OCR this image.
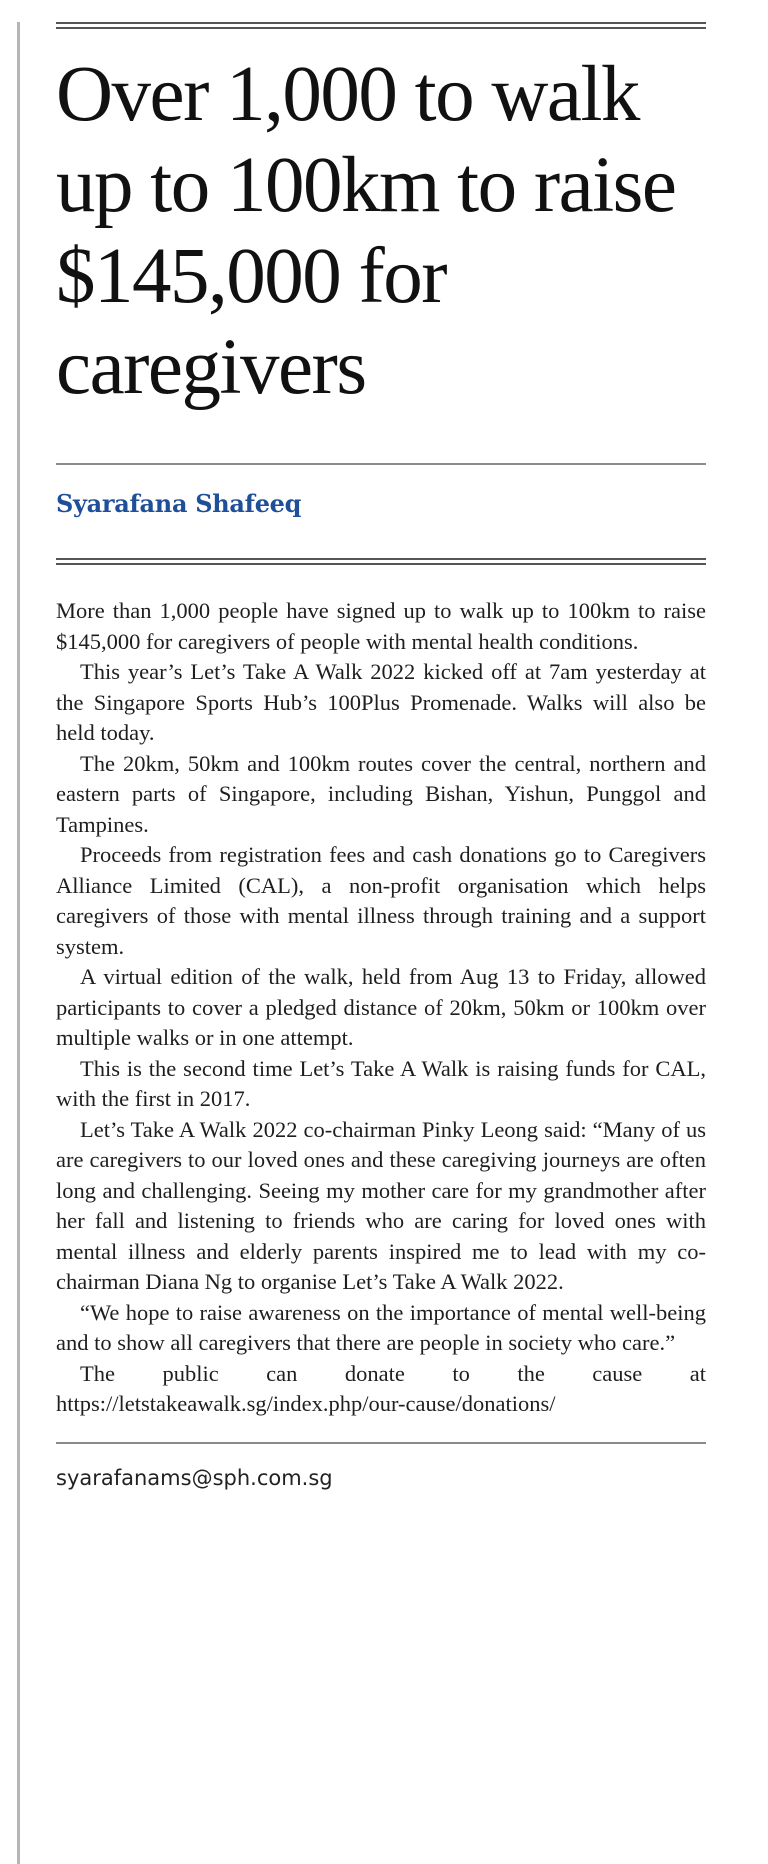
Over 1,000 to walk up to 100km to raise $145,000 for caregivers
Syarafana Shafeeq

More than 1,000 people have signed up to walk up to 100km to raise $145,000 for caregivers of people with mental health conditions.

This year’s Let’s Take A Walk 2022 kicked off at 7am yesterday at the Singapore Sports Hub’s 100Plus Promenade. Walks will also be held today.

The 20km, 50km and 100km routes cover the central, northern and eastern parts of Singapore, including Bishan, Yishun, Punggol and Tampines.

Proceeds from registration fees and cash donations go to Caregivers Alliance Limited (CAL), a non-profit organisation which helps caregivers of those with mental illness through training and a support system.

A virtual edition of the walk, held from Aug 13 to Friday, allowed participants to cover a pledged distance of 20km, 50km or 100km over multiple walks or in one attempt.

This is the second time Let’s Take A Walk is raising funds for CAL, with the first in 2017.

Let’s Take A Walk 2022 co-chairman Pinky Leong said: “Many of us are caregivers to our loved ones and these caregiving journeys are often long and challenging. Seeing my mother care for my grandmother after her fall and listening to friends who are caring for loved ones with mental illness and elderly parents inspired me to lead with my co-chairman Diana Ng to organise Let’s Take A Walk 2022.

“We hope to raise awareness on the importance of mental well-being and to show all caregivers that there are people in society who care.”

The public can donate to the cause at https://letstakeawalk.sg/index.php/our-cause/donations/

syarafanams@sph.com.sg
